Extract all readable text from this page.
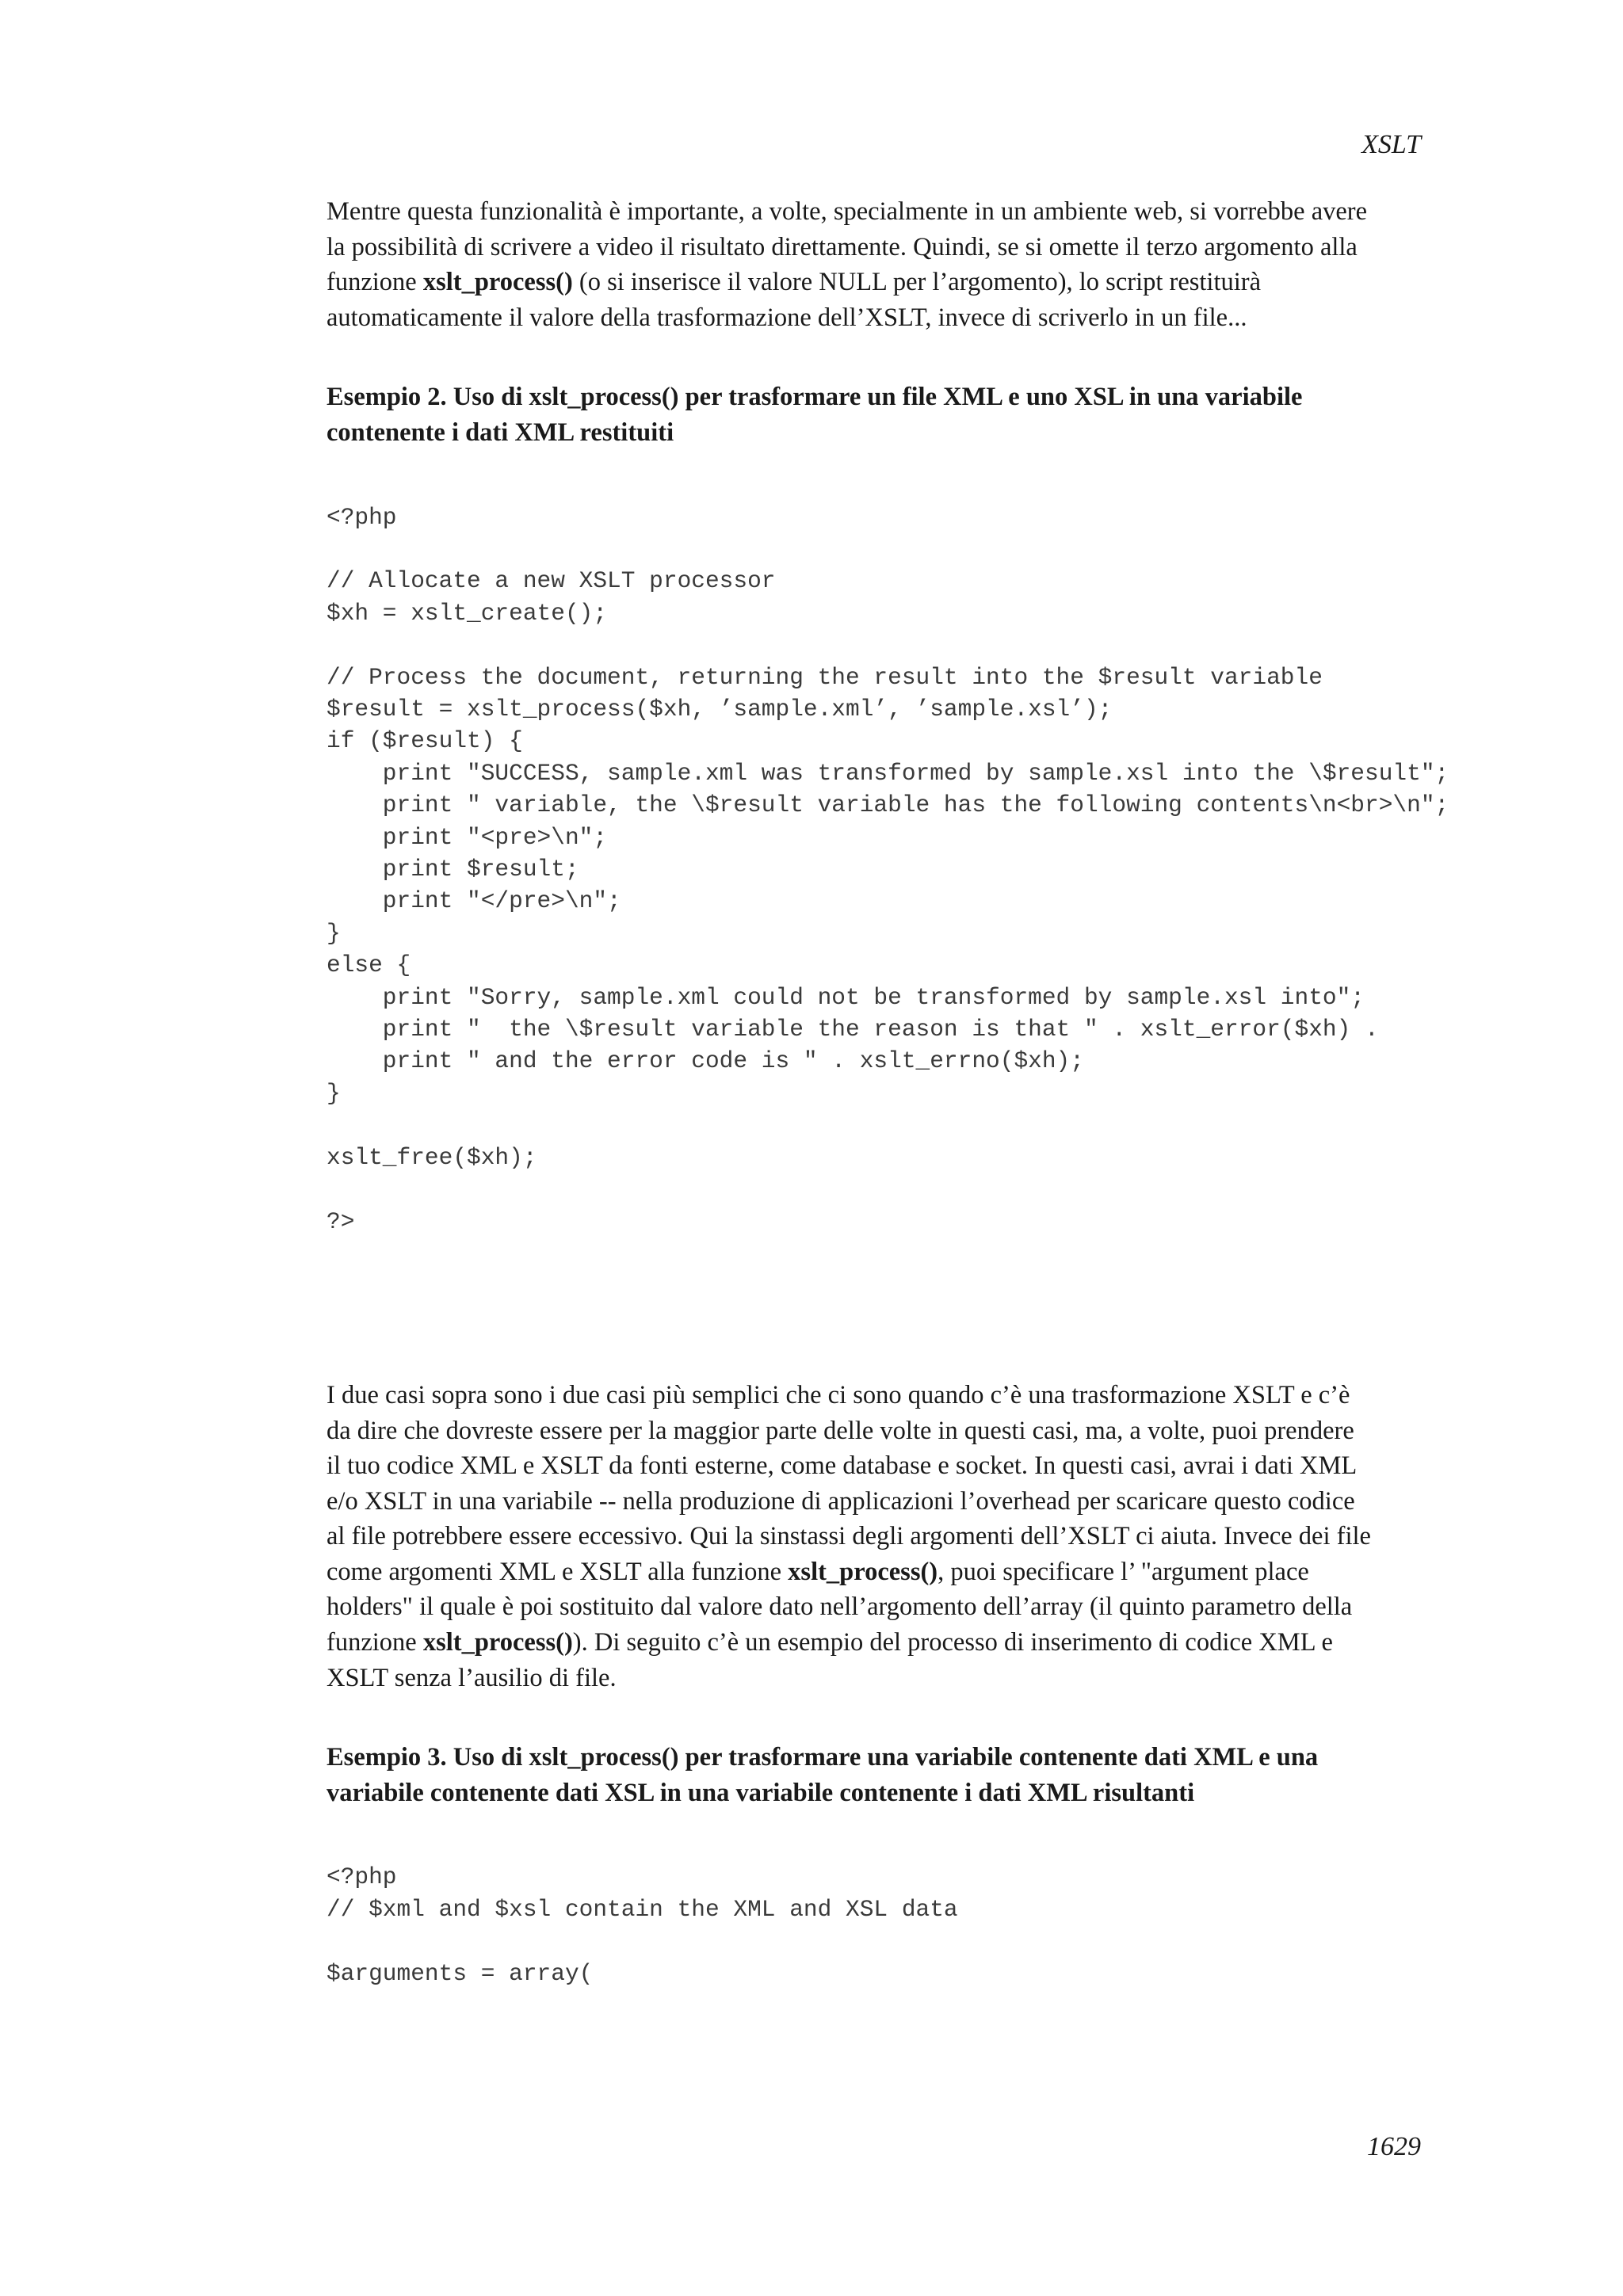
XSLT

Mentre questa funzionalità è importante, a volte, specialmente in un ambiente web, si vorrebbe avere
la possibilità di scrivere a video il risultato direttamente. Quindi, se si omette il terzo argomento alla
funzione xslt_process() (o si inserisce il valore NULL per l’argomento), lo script restituirà
automaticamente il valore della trasformazione dell’XSLT, invece di scriverlo in un file...

Esempio 2. Uso di xslt_process() per trasformare un file XML e uno XSL in una variabile
contenente i dati XML restituiti

<?php

// Allocate a new XSLT processor
$xh = xslt_create();

// Process the document, returning the result into the $result variable
$result = xslt_process($xh, ’sample.xml’, ’sample.xsl’);
if ($result) {
print "SUCCESS, sample.xml was transformed by sample.xsl into the \$result";
print " variable, the \$result variable has the following contents\n<br>\n";
print "<pre>\n";
print $result;
print "</pre>\n";
}
else {
print "Sorry, sample.xml could not be transformed by sample.xsl into";
print "  the \$result variable the reason is that " . xslt_error($xh) .
print " and the error code is " . xslt_errno($xh);
}

xslt_free($xh);

?>

I due casi sopra sono i due casi più semplici che ci sono quando c’è una trasformazione XSLT e c’è
da dire che dovreste essere per la maggior parte delle volte in questi casi, ma, a volte, puoi prendere
il tuo codice XML e XSLT da fonti esterne, come database e socket. In questi casi, avrai i dati XML
e/o XSLT in una variabile -- nella produzione di applicazioni l’overhead per scaricare questo codice
al file potrebbere essere eccessivo. Qui la sinstassi degli argomenti dell’XSLT ci aiuta. Invece dei file
come argomenti XML e XSLT alla funzione xslt_process(), puoi specificare l’ "argument place
holders" il quale è poi sostituito dal valore dato nell’argomento dell’array (il quinto parametro della
funzione xslt_process()). Di seguito c’è un esempio del processo di inserimento di codice XML e
XSLT senza l’ausilio di file.

Esempio 3. Uso di xslt_process() per trasformare una variabile contenente dati XML e una
variabile contenente dati XSL in una variabile contenente i dati XML risultanti

<?php
// $xml and $xsl contain the XML and XSL data

$arguments = array(
1629
